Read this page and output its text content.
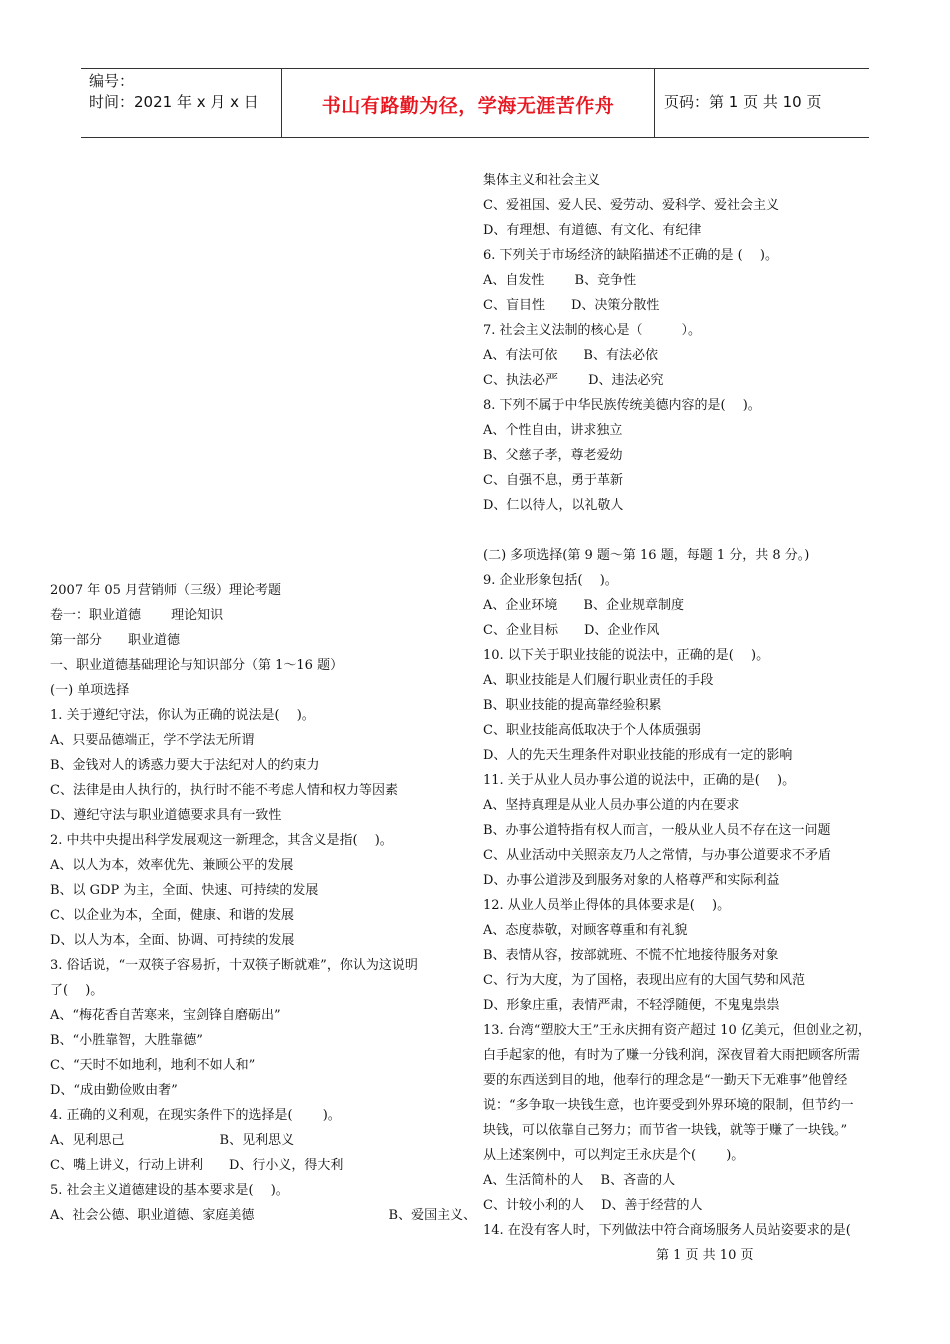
编号：
时间：2021 年 x 月 x 日	书山有路勤为径，学海无涯苦作舟	页码：第 1 页 共 10 页
2007 年 05 月营销师（三级）理论考题
卷一：职业道德　　 理论知识
第一部分　　职业道德
一、职业道德基础理论与知识部分（第 1～16 题）
(一) 单项选择
1. 关于遵纪守法，你认为正确的说法是(　 )。
A、只要品德端正，学不学法无所谓
B、金钱对人的诱惑力要大于法纪对人的约束力
C、法律是由人执行的，执行时不能不考虑人情和权力等因素
D、遵纪守法与职业道德要求具有一致性
2. 中共中央提出科学发展观这一新理念，其含义是指(　 )。
A、以人为本，效率优先、兼顾公平的发展
B、以 GDP 为主，全面、快速、可持续的发展
C、以企业为本，全面，健康、和谐的发展
D、以人为本，全面、协调、可持续的发展
3. 俗话说，“一双筷子容易折，十双筷子断就难”，你认为这说明
了(　 )。
A、“梅花香自苦寒来，宝剑锋自磨砺出”
B、“小胜靠智，大胜靠德”
C、“天时不如地利，地利不如人和”
D、“成由勤俭败由奢”
4. 正确的义利观，在现实条件下的选择是(　　 )。
A、见利思己　　　　　　　 B、见利思义
C、嘴上讲义，行动上讲利　　D、行小义，得大利
5. 社会主义道德建设的基本要求是(　 )。
A、社会公德、职业道德、家庭美德　　　　　　　　　　 B、爱国主义、
集体主义和社会主义
C、爱祖国、爱人民、爱劳动、爱科学、爱社会主义
D、有理想、有道德、有文化、有纪律
6. 下列关于市场经济的缺陷描述不正确的是 (　 )。
A、自发性　　 B、竞争性
C、盲目性　　D、决策分散性
7. 社会主义法制的核心是（　　　）。
A、有法可依　　B、有法必依
C、执法必严　　 D、违法必究
8. 下列不属于中华民族传统美德内容的是(　 )。
A、个性自由，讲求独立
B、父慈子孝，尊老爱幼
C、自强不息，勇于革新
D、仁以待人，以礼敬人
(二) 多项选择(第 9 题～第 16 题，每题 1 分，共 8 分。)
9. 企业形象包括(　 )。
A、企业环境　　B、企业规章制度
C、企业目标　　D、企业作风
10. 以下关于职业技能的说法中，正确的是(　 )。
A、职业技能是人们履行职业责任的手段
B、职业技能的提高靠经验积累
C、职业技能高低取决于个人体质强弱
D、人的先天生理条件对职业技能的形成有一定的影响
11. 关于从业人员办事公道的说法中，正确的是(　 )。
A、坚持真理是从业人员办事公道的内在要求
B、办事公道特指有权人而言，一般从业人员不存在这一问题
C、从业活动中关照亲友乃人之常情，与办事公道要求不矛盾
D、办事公道涉及到服务对象的人格尊严和实际利益
12. 从业人员举止得体的具体要求是(　 )。
A、态度恭敬，对顾客尊重和有礼貌
B、表情从容，按部就班、不慌不忙地接待服务对象
C、行为大度，为了国格，表现出应有的大国气势和风范
D、形象庄重，表情严肃，不轻浮随便，不鬼鬼祟祟
13. 台湾“塑胶大王”王永庆拥有资产超过 10 亿美元，但创业之初，
白手起家的他，有时为了赚一分钱利润，深夜冒着大雨把顾客所需
要的东西送到目的地，他奉行的理念是“一勤天下无难事”他曾经
说：“多争取一块钱生意，也许要受到外界环境的限制，但节约一
块钱，可以依靠自己努力；而节省一块钱，就等于赚了一块钱。”
从上述案例中，可以判定王永庆是个(　　 )。
A、生活简朴的人　 B、吝啬的人
C、计较小利的人　 D、善于经营的人
14. 在没有客人时，下列做法中符合商场服务人员站姿要求的是(
第 1 页 共 10 页
